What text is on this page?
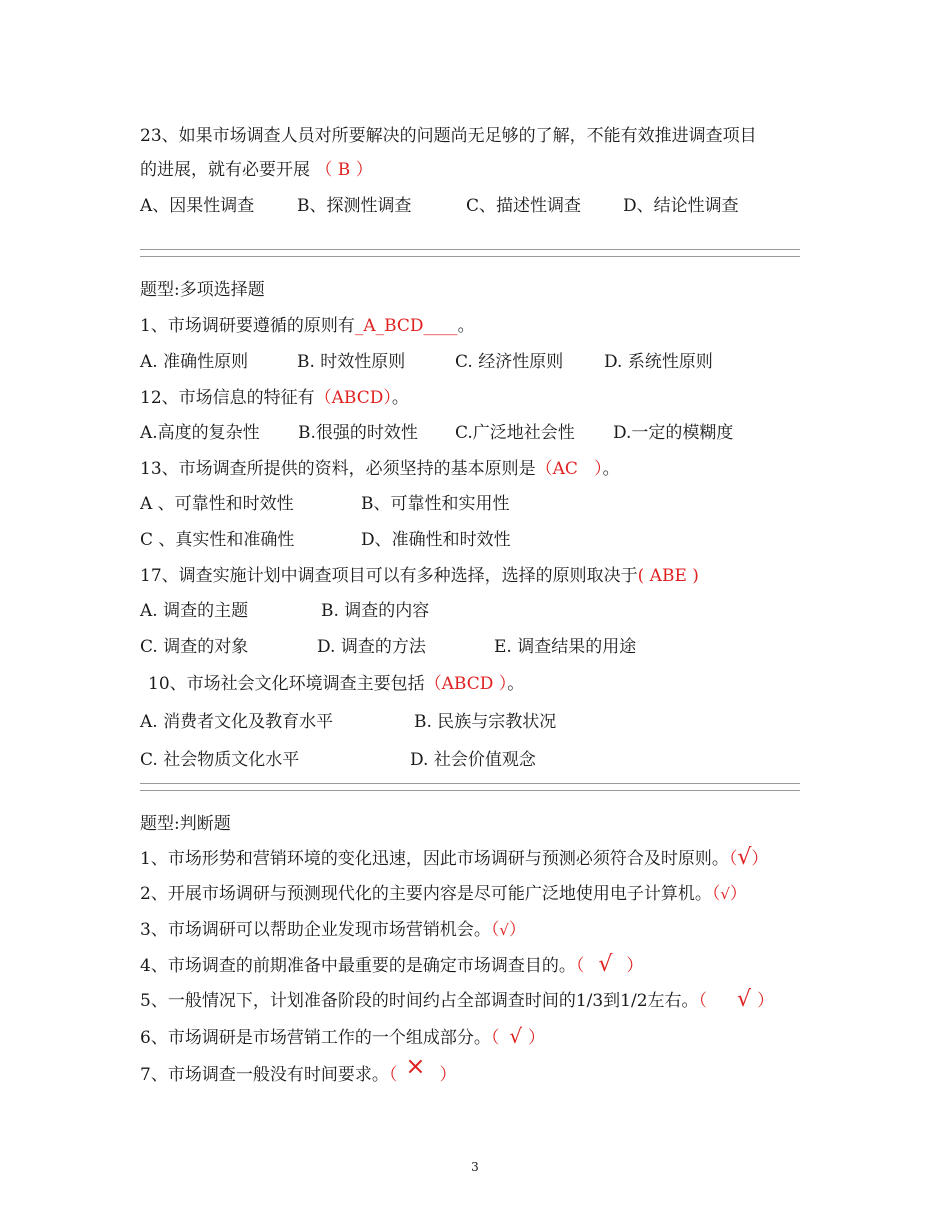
23、如果市场调查人员对所要解决的问题尚无足够的了解，不能有效推进调查项目
的进展，就有必要开展 （ B ）
A、因果性调查	B、探测性调查	C、描述性调查 D、结论性调查
题型:多项选择题
1、市场调研要遵循的原则有_A_BCD____。
A. 准确性原则	B. 时效性原则	C. 经济性原则 D. 系统性原则
12、市场信息的特征有（ABCD）。
A.高度的复杂性 B.很强的时效性 C.广泛地社会性 D.一定的模糊度
13、市场调查所提供的资料，必须坚持的基本原则是（AC   ）。
A 、可靠性和时效性	B、可靠性和实用性
C 、真实性和准确性	D、准确性和时效性
17、调查实施计划中调查项目可以有多种选择，选择的原则取决于( ABE )
A. 调查的主题	B. 调查的内容
C. 调查的对象	D. 调查的方法	E. 调查结果的用途
10、市场社会文化环境调查主要包括（ABCD ）。
A. 消费者文化及教育水平	B. 民族与宗教状况
C. 社会物质文化水平	D. 社会价值观念
题型:判断题
1、市场形势和营销环境的变化迅速，因此市场调研与预测必须符合及时原则。（√）
2、开展市场调研与预测现代化的主要内容是尽可能广泛地使用电子计算机。（√）
3、市场调研可以帮助企业发现市场营销机会。（√）
4、市场调查的前期准备中最重要的是确定市场调查目的。（ √ ）
5、一般情况下，计划准备阶段的时间约占全部调查时间的1/3到1/2左右。（ √ ）
6、市场调研是市场营销工作的一个组成部分。（ √ ）
7、市场调查一般没有时间要求。（ × ）
3
